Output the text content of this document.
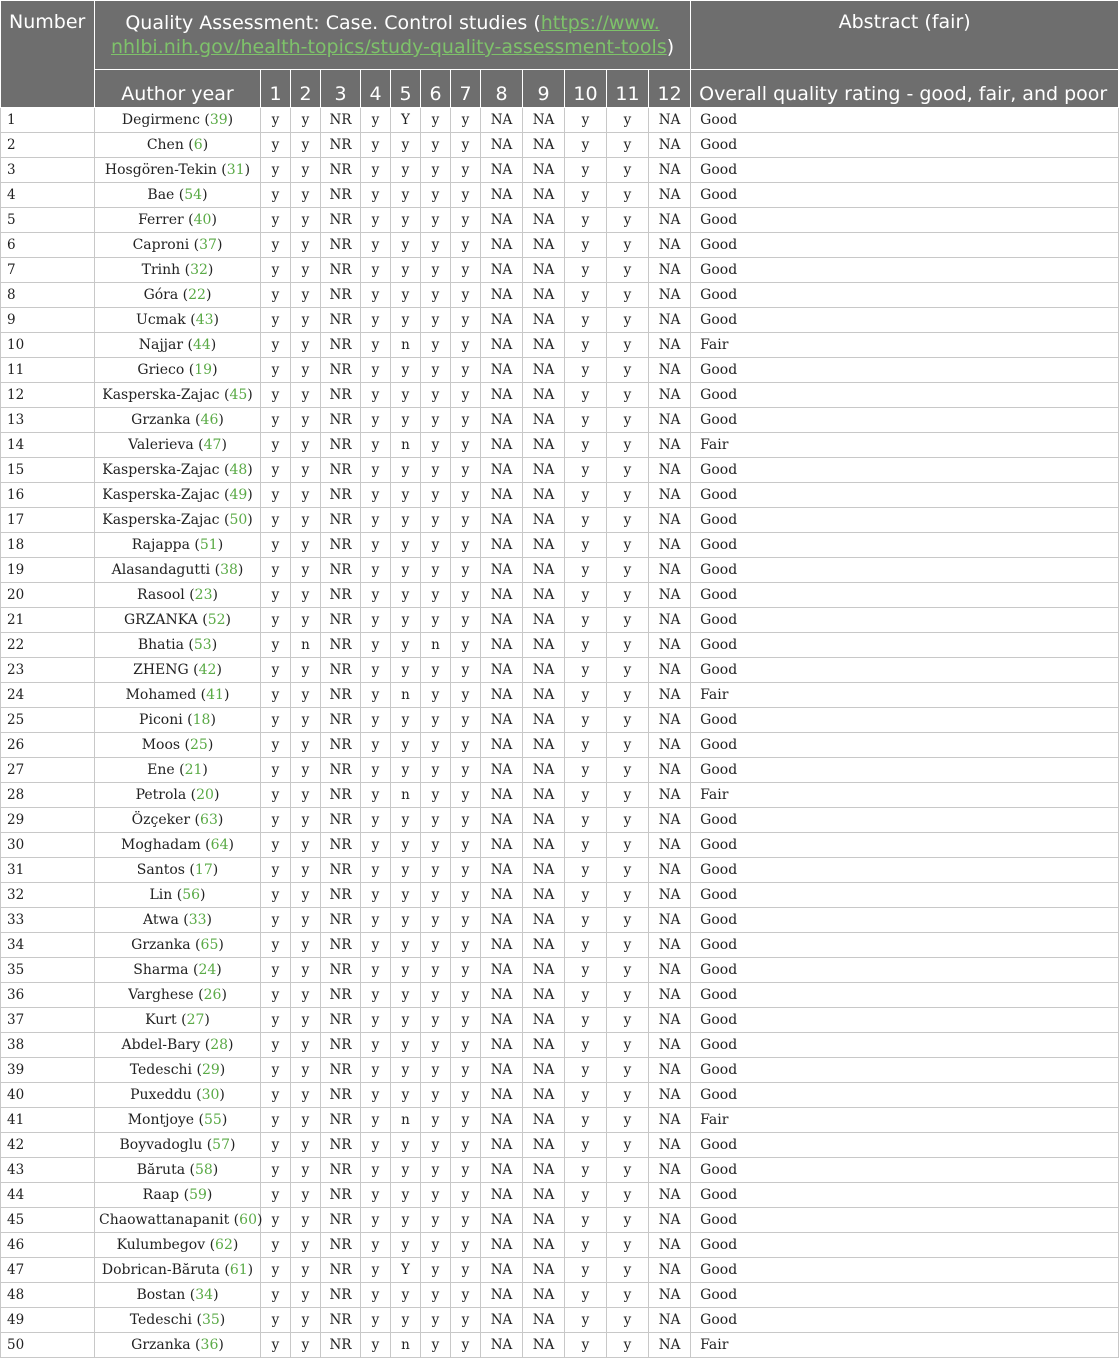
Number	Quality Assessment: Case. Control studies (https://www.
nhlbi.nih.gov/health-topics/study-quality-assessment-tools)													Abstract (fair)
	Author year	1	2	3	4	5	6	7	8	9	10	11	12	Overall quality rating - good, fair, and poor
1	Degirmenc (39)	y	y	NR	y	Y	y	y	NA	NA	y	y	NA	Good
2	Chen (6)	y	y	NR	y	y	y	y	NA	NA	y	y	NA	Good
3	Hosgören-Tekin (31)	y	y	NR	y	y	y	y	NA	NA	y	y	NA	Good
4	Bae (54)	y	y	NR	y	y	y	y	NA	NA	y	y	NA	Good
5	Ferrer (40)	y	y	NR	y	y	y	y	NA	NA	y	y	NA	Good
6	Caproni (37)	y	y	NR	y	y	y	y	NA	NA	y	y	NA	Good
7	Trinh (32)	y	y	NR	y	y	y	y	NA	NA	y	y	NA	Good
8	Góra (22)	y	y	NR	y	y	y	y	NA	NA	y	y	NA	Good
9	Ucmak (43)	y	y	NR	y	y	y	y	NA	NA	y	y	NA	Good
10	Najjar (44)	y	y	NR	y	n	y	y	NA	NA	y	y	NA	Fair
11	Grieco (19)	y	y	NR	y	y	y	y	NA	NA	y	y	NA	Good
12	Kasperska-Zajac (45)	y	y	NR	y	y	y	y	NA	NA	y	y	NA	Good
13	Grzanka (46)	y	y	NR	y	y	y	y	NA	NA	y	y	NA	Good
14	Valerieva (47)	y	y	NR	y	n	y	y	NA	NA	y	y	NA	Fair
15	Kasperska-Zajac (48)	y	y	NR	y	y	y	y	NA	NA	y	y	NA	Good
16	Kasperska-Zajac (49)	y	y	NR	y	y	y	y	NA	NA	y	y	NA	Good
17	Kasperska-Zajac (50)	y	y	NR	y	y	y	y	NA	NA	y	y	NA	Good
18	Rajappa (51)	y	y	NR	y	y	y	y	NA	NA	y	y	NA	Good
19	Alasandagutti (38)	y	y	NR	y	y	y	y	NA	NA	y	y	NA	Good
20	Rasool (23)	y	y	NR	y	y	y	y	NA	NA	y	y	NA	Good
21	GRZANKA (52)	y	y	NR	y	y	y	y	NA	NA	y	y	NA	Good
22	Bhatia (53)	y	n	NR	y	y	n	y	NA	NA	y	y	NA	Good
23	ZHENG (42)	y	y	NR	y	y	y	y	NA	NA	y	y	NA	Good
24	Mohamed (41)	y	y	NR	y	n	y	y	NA	NA	y	y	NA	Fair
25	Piconi (18)	y	y	NR	y	y	y	y	NA	NA	y	y	NA	Good
26	Moos (25)	y	y	NR	y	y	y	y	NA	NA	y	y	NA	Good
27	Ene (21)	y	y	NR	y	y	y	y	NA	NA	y	y	NA	Good
28	Petrola (20)	y	y	NR	y	n	y	y	NA	NA	y	y	NA	Fair
29	Özçeker (63)	y	y	NR	y	y	y	y	NA	NA	y	y	NA	Good
30	Moghadam (64)	y	y	NR	y	y	y	y	NA	NA	y	y	NA	Good
31	Santos (17)	y	y	NR	y	y	y	y	NA	NA	y	y	NA	Good
32	Lin (56)	y	y	NR	y	y	y	y	NA	NA	y	y	NA	Good
33	Atwa (33)	y	y	NR	y	y	y	y	NA	NA	y	y	NA	Good
34	Grzanka (65)	y	y	NR	y	y	y	y	NA	NA	y	y	NA	Good
35	Sharma (24)	y	y	NR	y	y	y	y	NA	NA	y	y	NA	Good
36	Varghese (26)	y	y	NR	y	y	y	y	NA	NA	y	y	NA	Good
37	Kurt (27)	y	y	NR	y	y	y	y	NA	NA	y	y	NA	Good
38	Abdel-Bary (28)	y	y	NR	y	y	y	y	NA	NA	y	y	NA	Good
39	Tedeschi (29)	y	y	NR	y	y	y	y	NA	NA	y	y	NA	Good
40	Puxeddu (30)	y	y	NR	y	y	y	y	NA	NA	y	y	NA	Good
41	Montjoye (55)	y	y	NR	y	n	y	y	NA	NA	y	y	NA	Fair
42	Boyvadoglu (57)	y	y	NR	y	y	y	y	NA	NA	y	y	NA	Good
43	Băruta (58)	y	y	NR	y	y	y	y	NA	NA	y	y	NA	Good
44	Raap (59)	y	y	NR	y	y	y	y	NA	NA	y	y	NA	Good
45	Chaowattanapanit (60)	y	y	NR	y	y	y	y	NA	NA	y	y	NA	Good
46	Kulumbegov (62)	y	y	NR	y	y	y	y	NA	NA	y	y	NA	Good
47	Dobrican-Băruta (61)	y	y	NR	y	Y	y	y	NA	NA	y	y	NA	Good
48	Bostan (34)	y	y	NR	y	y	y	y	NA	NA	y	y	NA	Good
49	Tedeschi (35)	y	y	NR	y	y	y	y	NA	NA	y	y	NA	Good
50	Grzanka (36)	y	y	NR	y	n	y	y	NA	NA	y	y	NA	Fair
